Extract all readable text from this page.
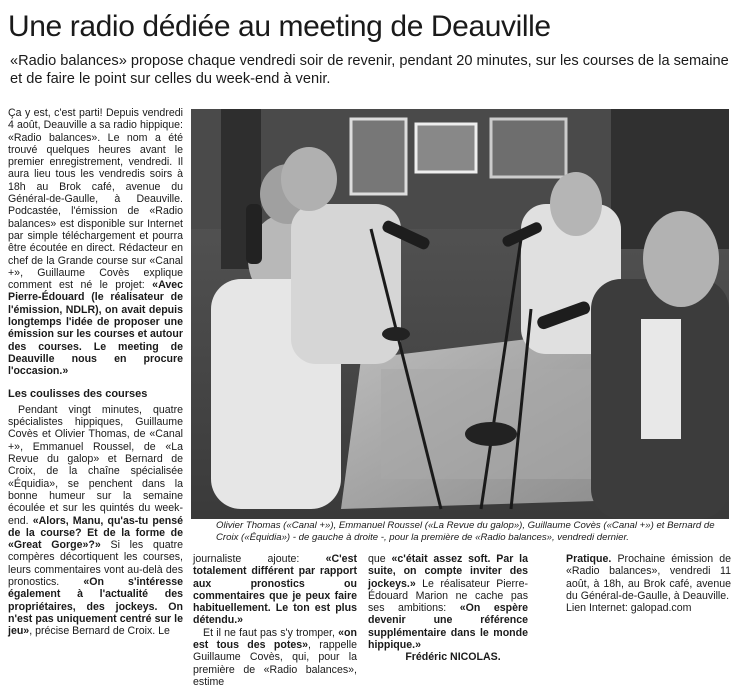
Une radio dédiée au meeting de Deauville
«Radio balances» propose chaque vendredi soir de revenir, pendant 20 minutes, sur les courses de la semaine et de faire le point sur celles du week-end à venir.

Ça y est, c'est parti! Depuis vendredi 4 août, Deauville a sa radio hippique: «Radio balances». Le nom a été trouvé quelques heures avant le premier enregistrement, vendredi. Il aura lieu tous les vendredis soirs à 18h au Brok café, avenue du Général-de-Gaulle, à Deauville. Podcastée, l'émission de «Radio balances» est disponible sur Internet par simple téléchargement et pourra être écoutée en direct. Rédacteur en chef de la Grande course sur «Canal +», Guillaume Covès explique comment est né le projet: «Avec Pierre-Édouard (le réalisateur de l'émission, NDLR), on avait depuis longtemps l'idée de proposer une émission sur les courses et autour des courses. Le meeting de Deauville nous en procure l'occasion.»

Les coulisses des courses

Pendant vingt minutes, quatre spécialistes hippiques, Guillaume Covès et Olivier Thomas, de «Canal +», Emmanuel Roussel, de «La Revue du galop» et Bernard de Croix, de la chaîne spécialisée «Équidia», se penchent dans la bonne humeur sur la semaine écoulée et sur les quintés du week-end. «Alors, Manu, qu'as-tu pensé de la course? Et de la forme de «Great Gorge»?» Si les quatre compères décortiquent les courses, leurs commentaires vont au-delà des pronostics. «On s'intéresse également à l'actualité des propriétaires, des jockeys. On n'est pas uniquement centré sur le jeu», précise Bernard de Croix. Le

Olivier Thomas («Canal +»), Emmanuel Roussel («La Revue du galop»), Guillaume Covès («Canal +») et Bernard de Croix («Équidia») - de gauche à droite -, pour la première de «Radio balances», vendredi dernier.

journaliste ajoute: «C'est totalement différent par rapport aux pronostics ou commentaires que je peux faire habituellement. Le ton est plus détendu.»

Et il ne faut pas s'y tromper, «on est tous des potes», rappelle Guillaume Covès, qui, pour la première de «Radio balances», estime

que «c'était assez soft. Par la suite, on compte inviter des jockeys.» Le réalisateur Pierre-Édouard Marion ne cache pas ses ambitions: «On espère devenir une référence supplémentaire dans le monde hippique.»

Frédéric NICOLAS.

Pratique. Prochaine émission de «Radio balances», vendredi 11 août, à 18h, au Brok café, avenue du Général-de-Gaulle, à Deauville.

Lien Internet: galopad.com
